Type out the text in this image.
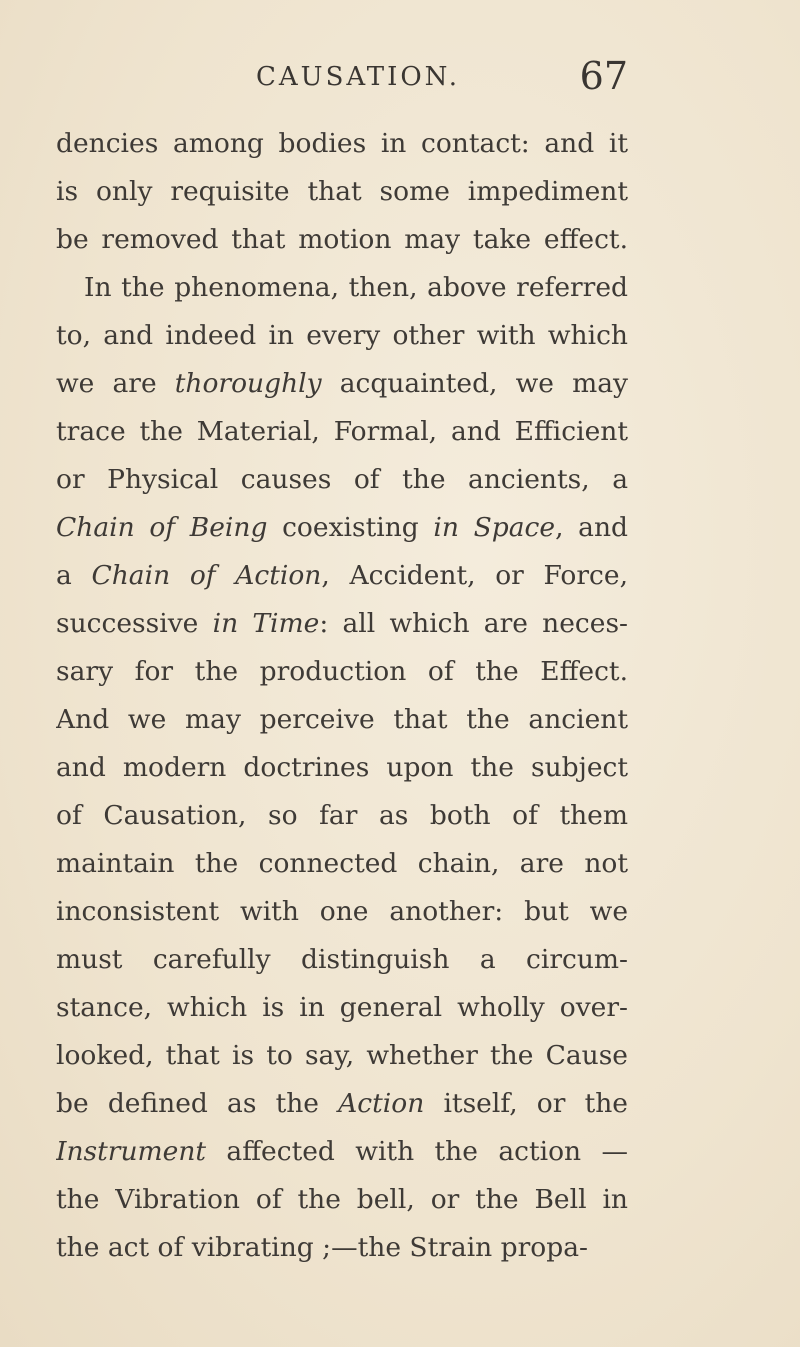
CAUSATION.	67
dencies among bodies in contact: and it
is only requisite that some impediment
be removed that motion may take effect.
In the phenomena, then, above referred
to, and indeed in every other with which
we are thoroughly acquainted, we may
trace the Material, Formal, and Efficient
or Physical causes of the ancients, a
Chain of Being coexisting in Space, and
a Chain of Action, Accident, or Force,
successive in Time: all which are neces-
sary for the production of the Effect.
And we may perceive that the ancient
and modern doctrines upon the subject
of Causation, so far as both of them
maintain the connected chain, are not
inconsistent with one another: but we
must carefully distinguish a circum-
stance, which is in general wholly over-
looked, that is to say, whether the Cause
be defined as the Action itself, or the
Instrument affected with the action —
the Vibration of the bell, or the Bell in
the act of vibrating ;—the Strain propa-
